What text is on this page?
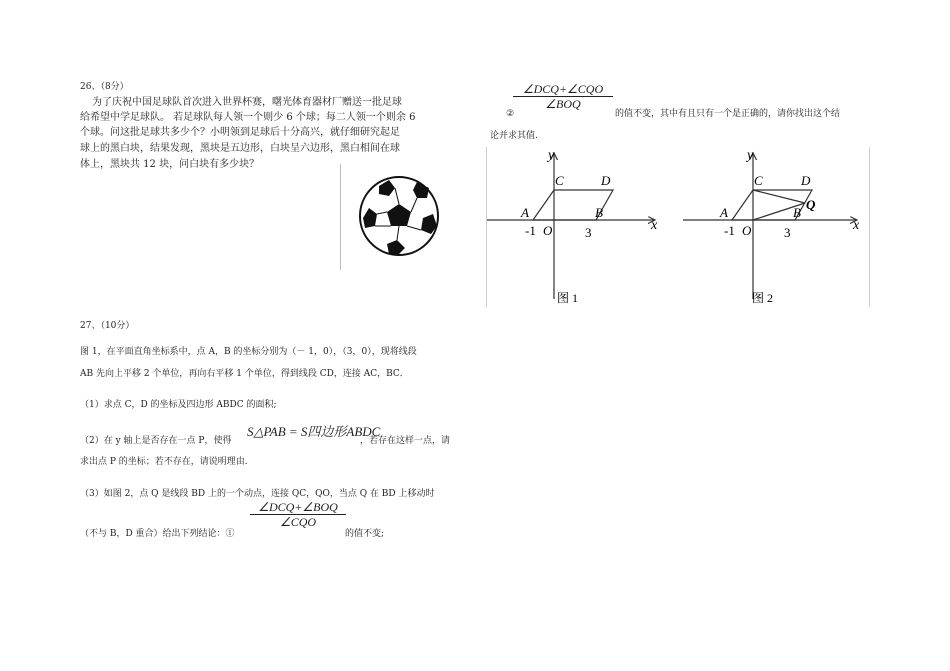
26、（8分）
为了庆祝中国足球队首次进入世界杯赛，曙光体育器材厂赠送一批足球
给希望中学足球队。 若足球队每人领一个则少 6 个球；每二人领一个则余 6
个球。问这批足球共多少个？小明领到足球后十分高兴，就仔细研究起足
球上的黑白块，结果发现，黑块是五边形，白块呈六边形，黑白相间在球
体上，黑块共 12 块，问白块有多少块？
27、（10分）
图 1，在平面直角坐标系中，点 A，B 的坐标分别为（－ 1，0），（3，0），现将线段
AB 先向上平移 2 个单位，再向右平移 1 个单位，得到线段 CD，连接 AC，BC．
（1）求点 C，D 的坐标及四边形 ABDC 的面积;
（2）在 y 轴上是否存在一点 P，使得
S△PAB = S四边形ABDC
，若存在这样一点，请
求出点 P 的坐标；若不存在，请说明理由.
（3）如图 2，点 Q 是线段 BD 上的一个动点，连接 QC，QO，当点 Q 在 BD 上移动时
（不与 B，D 重合）给出下列结论：①
∠DCQ+∠BOQ
∠CQO
的值不变;
∠DCQ+∠CQO
∠BOQ
②	的值不变，其中有且只有一个是正确的，请你找出这个结
论并求其值.
y
x
C	D
A	B
-1 O	3
图 1
y
x
C	D
A	B
Q
-1 O	3
图 2
